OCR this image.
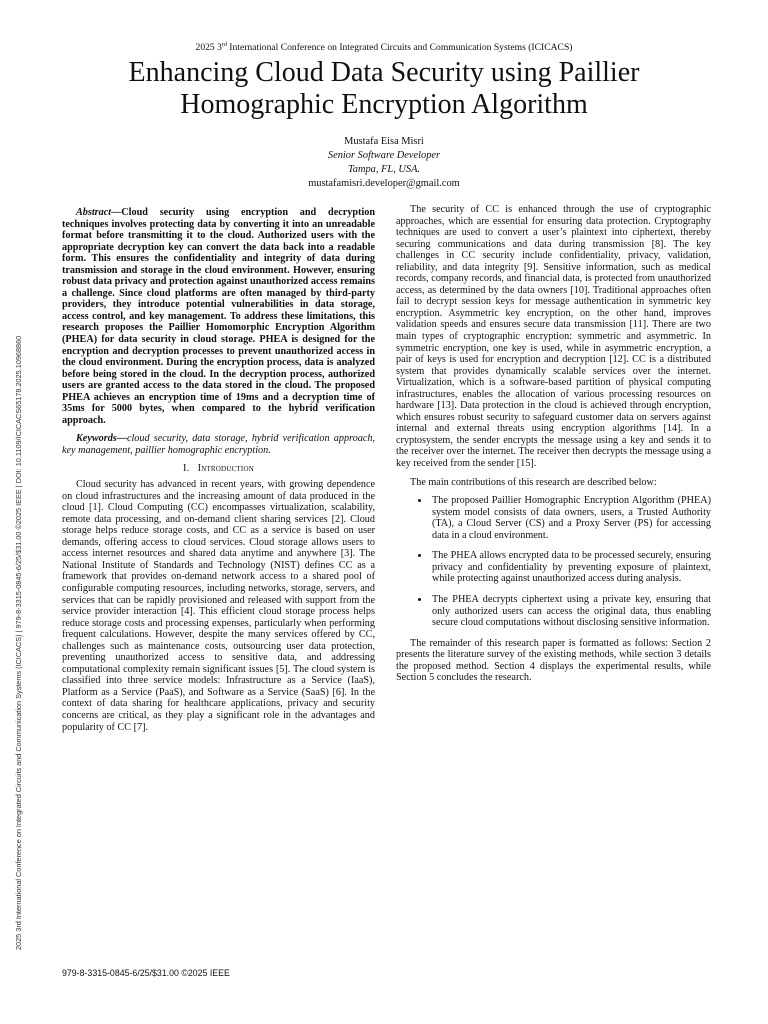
2025 3rd International Conference on Integrated Circuits and Communication Systems (ICICACS)
Enhancing Cloud Data Security using Paillier Homographic Encryption Algorithm
Mustafa Eisa Misri
Senior Software Developer
Tampa, FL, USA.
mustafamisri.developer@gmail.com
2025 3rd International Conference on Integrated Circuits and Communication Systems (ICICACS) | 979-8-3315-0845-6/25/$31.00 ©2025 IEEE | DOI: 10.1109/ICICACS65178.2025.10968860

Abstract—Cloud security using encryption and decryption techniques involves protecting data by converting it into an unreadable format before transmitting it to the cloud. Authorized users with the appropriate decryption key can convert the data back into a readable form. This ensures the confidentiality and integrity of data during transmission and storage in the cloud environment. However, ensuring robust data privacy and protection against unauthorized access remains a challenge. Since cloud platforms are often managed by third-party providers, they introduce potential vulnerabilities in data storage, access control, and key management. To address these limitations, this research proposes the Paillier Homomorphic Encryption Algorithm (PHEA) for data security in cloud storage. PHEA is designed for the encryption and decryption processes to prevent unauthorized access in the cloud environment. During the encryption process, data is analyzed before being stored in the cloud. In the decryption process, authorized users are granted access to the data stored in the cloud. The proposed PHEA achieves an encryption time of 19ms and a decryption time of 35ms for 5000 bytes, when compared to the hybrid verification approach.

Keywords—cloud security, data storage, hybrid verification approach, key management, paillier homographic encryption.

I. Introduction

Cloud security has advanced in recent years, with growing dependence on cloud infrastructures and the increasing amount of data produced in the cloud [1]. Cloud Computing (CC) encompasses virtualization, scalability, remote data processing, and on-demand client sharing services [2]. Cloud storage helps reduce storage costs, and CC as a service is based on user demands, offering access to cloud services. Cloud storage allows users to access internet resources and shared data anytime and anywhere [3]. The National Institute of Standards and Technology (NIST) defines CC as a framework that provides on-demand network access to a shared pool of configurable computing resources, including networks, storage, servers, and services that can be rapidly provisioned and released with support from the service provider interaction [4]. This efficient cloud storage process helps reduce storage costs and processing expenses, particularly when performing frequent calculations. However, despite the many services offered by CC, challenges such as maintenance costs, outsourcing user data protection, preventing unauthorized access to sensitive data, and addressing computational complexity remain significant issues [5]. The cloud system is classified into three service models: Infrastructure as a Service (IaaS), Platform as a Service (PaaS), and Software as a Service (SaaS) [6]. In the context of data sharing for healthcare applications, privacy and security concerns are critical, as they play a significant role in the advantages and popularity of CC [7].

The security of CC is enhanced through the use of cryptographic approaches, which are essential for ensuring data protection. Cryptography techniques are used to convert a user’s plaintext into ciphertext, thereby securing communications and data during transmission [8]. The key challenges in CC security include confidentiality, privacy, validation, reliability, and data integrity [9]. Sensitive information, such as medical records, company records, and financial data, is protected from unauthorized access, as determined by the data owners [10]. Traditional approaches often fail to decrypt session keys for message authentication in symmetric key encryption. Asymmetric key encryption, on the other hand, improves validation speeds and ensures secure data transmission [11]. There are two main types of cryptographic encryption: symmetric and asymmetric. In symmetric encryption, one key is used, while in asymmetric encryption, a pair of keys is used for encryption and decryption [12]. CC is a distributed system that provides dynamically scalable services over the internet. Virtualization, which is a software-based partition of physical computing infrastructures, enables the allocation of various processing resources on hardware [13]. Data protection in the cloud is achieved through encryption, which ensures robust security to safeguard customer data on servers against internal and external threats using encryption algorithms [14]. In a cryptosystem, the sender encrypts the message using a key and sends it to the receiver over the internet. The receiver then decrypts the message using a key received from the sender [15].

The main contributions of this research are described below:

• The proposed Paillier Homographic Encryption Algorithm (PHEA) system model consists of data owners, users, a Trusted Authority (TA), a Cloud Server (CS) and a Proxy Server (PS) for accessing data in a cloud environment.
• The PHEA allows encrypted data to be processed securely, ensuring privacy and confidentiality by preventing exposure of plaintext, while protecting against unauthorized access during analysis.
• The PHEA decrypts ciphertext using a private key, ensuring that only authorized users can access the original data, thus enabling secure cloud computations without disclosing sensitive information.

The remainder of this research paper is formatted as follows: Section 2 presents the literature survey of the existing methods, while section 3 details the proposed method. Section 4 displays the experimental results, while Section 5 concludes the research.

979-8-3315-0845-6/25/$31.00 ©2025 IEEE
